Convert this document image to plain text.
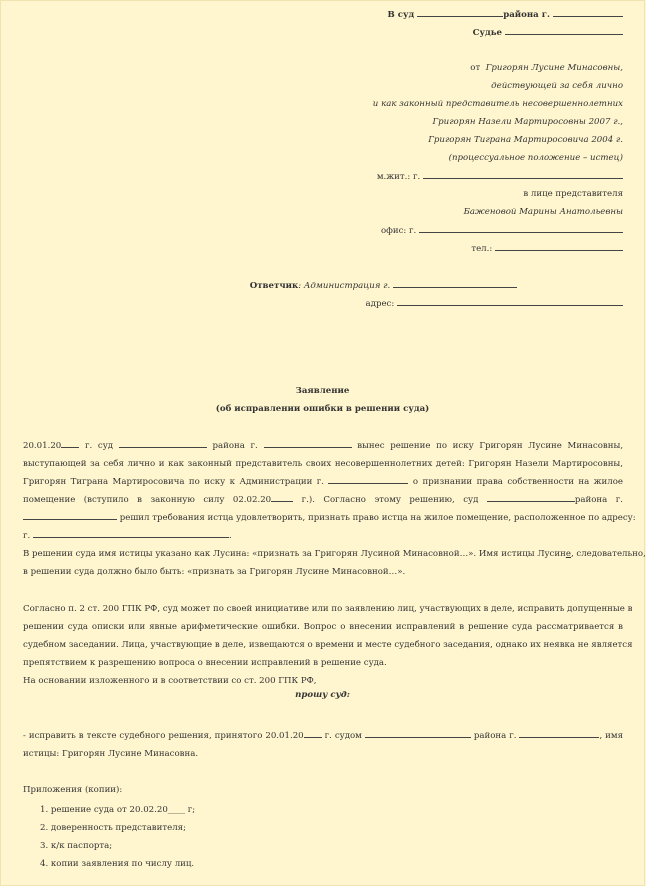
В суд	района г.
Судье
от Григорян Лусине Минасовны,
действующей за себя лично
и как законный представитель несовершеннолетних
Григорян Назели Мартиросовны 2007 г.,
Григорян Тиграна Мартиросовича 2004 г.
(процессуальное положение – истец)
м.жит.: г.
в лице представителя
Баженовой Марины Анатольевны
офис: г.
тел.:
Ответчик: Администрация г.
адрес:
Заявление
(об исправлении ошибки в решении суда)
20.01.20	г. суд	района г.	вынес решение по иску Григорян Лусине Минасовны,
выступающей за себя лично и как законный представитель своих несовершеннолетних детей: Григорян Назели Мартиросовны,
Григорян Тиграна Мартиросовича по иску к Администрации г.	о признании права собственности на жилое
помещение (вступило в законную силу 02.02.20	г.). Согласно этому решению, суд	района г.
решил требования истца удовлетворить, признать право истца на жилое помещение, расположенное по адресу:
г.	.
В решении суда имя истицы указано как Лусина: «признать за Григорян Лусиной Минасовной…». Имя истицы Лусине, следовательно,
в решении суда должно было быть: «признать за Григорян Лусине Минасовной…».
Согласно п. 2 ст. 200 ГПК РФ, суд может по своей инициативе или по заявлению лиц, участвующих в деле, исправить допущенные в
решении суда описки или явные арифметические ошибки. Вопрос о внесении исправлений в решение суда рассматривается в
судебном заседании. Лица, участвующие в деле, извещаются о времени и месте судебного заседания, однако их неявка не является
препятствием к разрешению вопроса о внесении исправлений в решение суда.
На основании изложенного и в соответствии со ст. 200 ГПК РФ,
прошу суд:
- исправить в тексте судебного решения, принятого 20.01.20 г. судом	района г.	, имя
истицы: Григорян Лусине Минасовна.
Приложения (копии):
1. решение суда от 20.02.20____ г;
2. доверенность представителя;
3. к/к паспорта;
4. копии заявления по числу лиц.
